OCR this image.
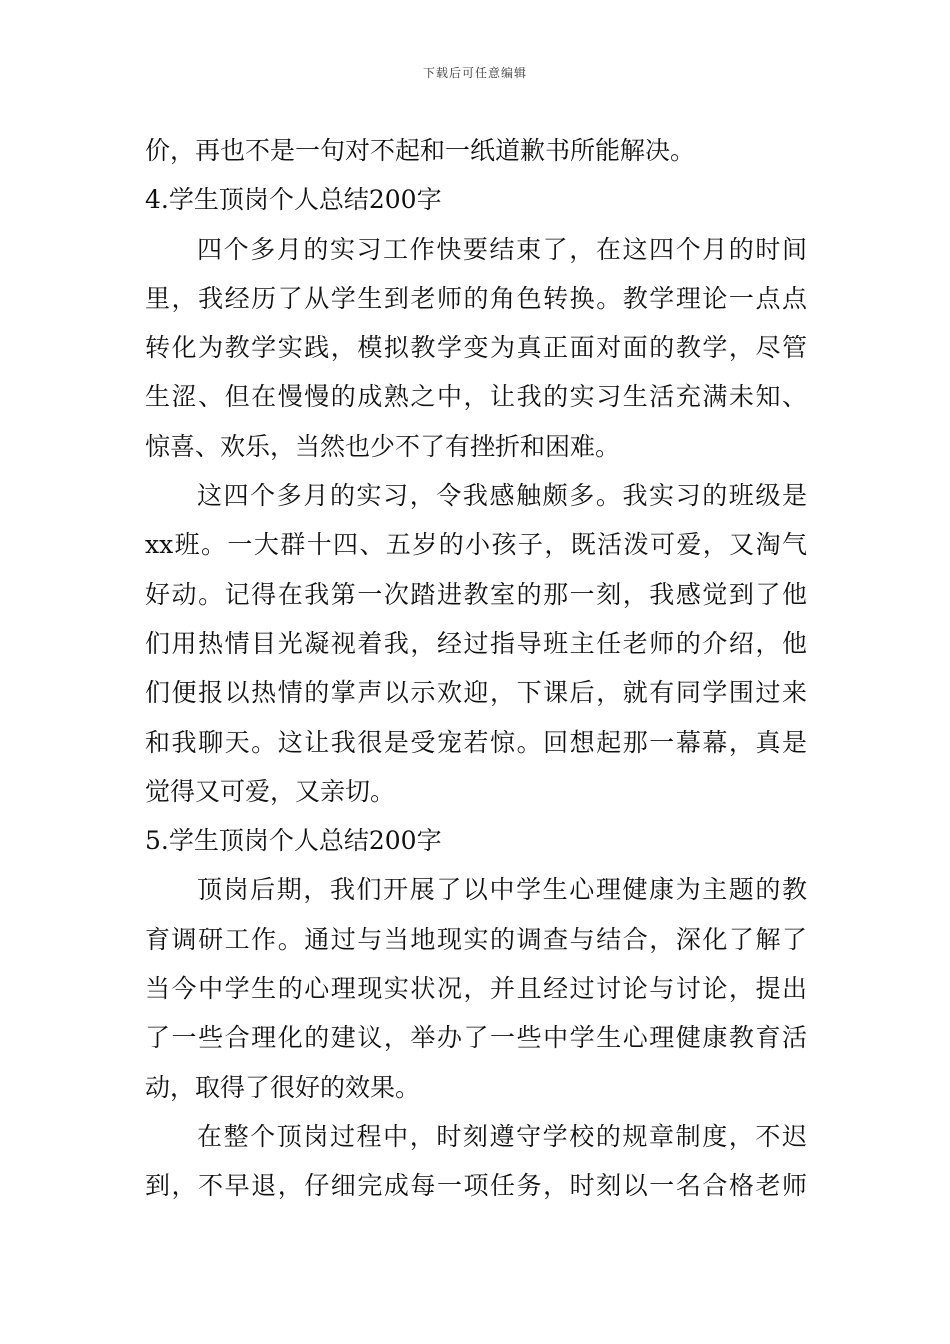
下载后可任意编辑
价，再也不是一句对不起和一纸道歉书所能解决。
4.学生顶岗个人总结200字
四个多月的实习工作快要结束了，在这四个月的时间
里，我经历了从学生到老师的角色转换。教学理论一点点
转化为教学实践，模拟教学变为真正面对面的教学，尽管
生涩、但在慢慢的成熟之中，让我的实习生活充满未知、
惊喜、欢乐，当然也少不了有挫折和困难。
这四个多月的实习，令我感触颇多。我实习的班级是
xx班。一大群十四、五岁的小孩子，既活泼可爱，又淘气
好动。记得在我第一次踏进教室的那一刻，我感觉到了他
们用热情目光凝视着我，经过指导班主任老师的介绍，他
们便报以热情的掌声以示欢迎，下课后，就有同学围过来
和我聊天。这让我很是受宠若惊。回想起那一幕幕，真是
觉得又可爱，又亲切。
5.学生顶岗个人总结200字
顶岗后期，我们开展了以中学生心理健康为主题的教
育调研工作。通过与当地现实的调查与结合，深化了解了
当今中学生的心理现实状况，并且经过讨论与讨论，提出
了一些合理化的建议，举办了一些中学生心理健康教育活
动，取得了很好的效果。
在整个顶岗过程中，时刻遵守学校的规章制度，不迟
到，不早退，仔细完成每一项任务，时刻以一名合格老师
